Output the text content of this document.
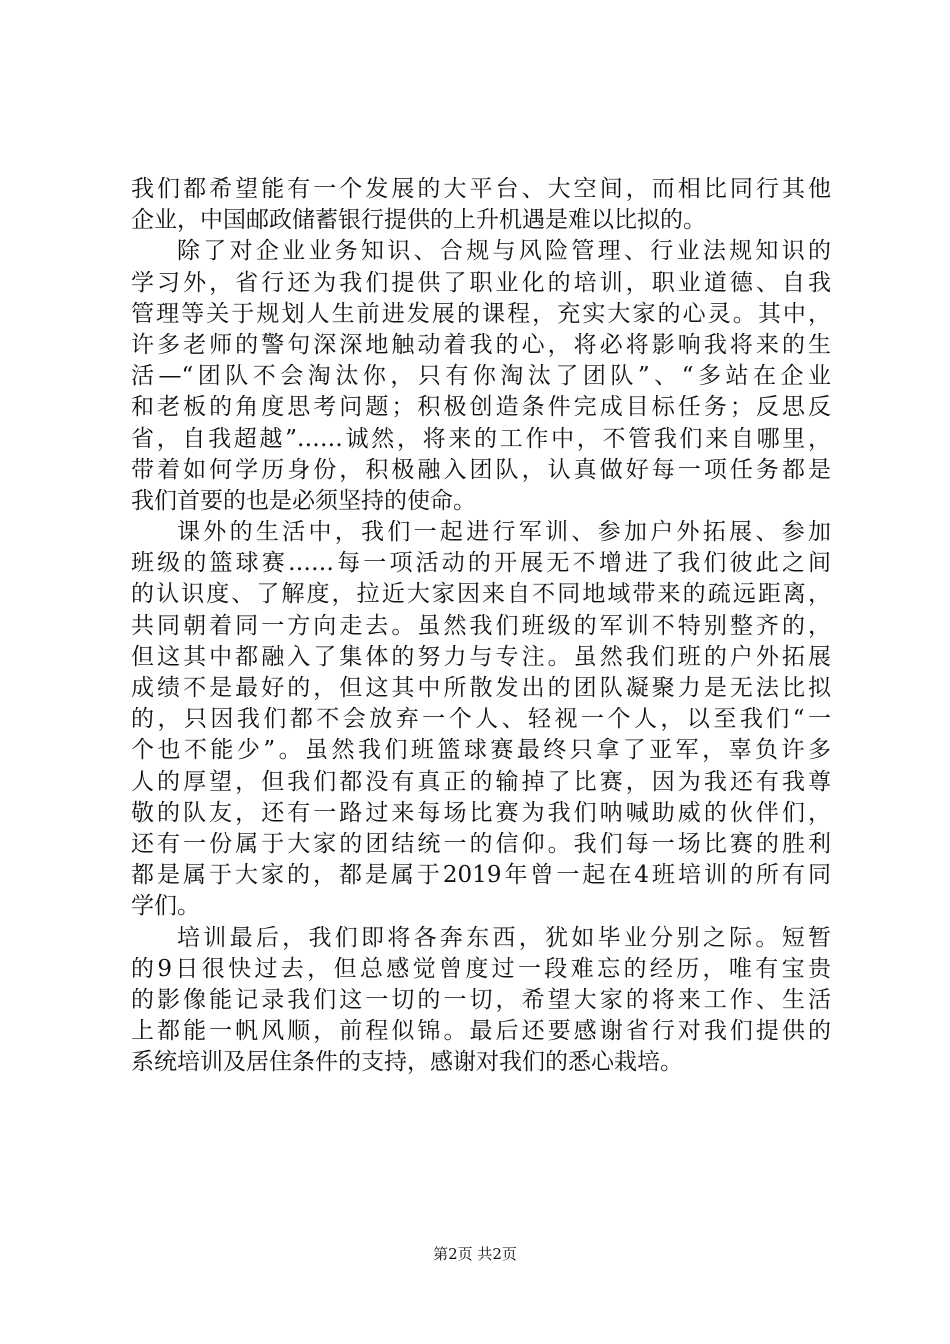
我们都希望能有一个发展的大平台、大空间，而相比同行其他
企业，中国邮政储蓄银行提供的上升机遇是难以比拟的。
除了对企业业务知识、合规与风险管理、行业法规知识的
学习外，省行还为我们提供了职业化的培训，职业道德、自我
管理等关于规划人生前进发展的课程，充实大家的心灵。其中，
许多老师的警句深深地触动着我的心，将必将影响我将来的生
活—“团队不会淘汰你，只有你淘汰了团队”、“多站在企业
和老板的角度思考问题；积极创造条件完成目标任务；反思反
省，自我超越”……诚然，将来的工作中，不管我们来自哪里，
带着如何学历身份，积极融入团队，认真做好每一项任务都是
我们首要的也是必须坚持的使命。
课外的生活中，我们一起进行军训、参加户外拓展、参加
班级的篮球赛……每一项活动的开展无不增进了我们彼此之间
的认识度、了解度，拉近大家因来自不同地域带来的疏远距离，
共同朝着同一方向走去。虽然我们班级的军训不特别整齐的，
但这其中都融入了集体的努力与专注。虽然我们班的户外拓展
成绩不是最好的，但这其中所散发出的团队凝聚力是无法比拟
的，只因我们都不会放弃一个人、轻视一个人，以至我们“一
个也不能少”。虽然我们班篮球赛最终只拿了亚军，辜负许多
人的厚望，但我们都没有真正的输掉了比赛，因为我还有我尊
敬的队友，还有一路过来每场比赛为我们呐喊助威的伙伴们，
还有一份属于大家的团结统一的信仰。我们每一场比赛的胜利
都是属于大家的，都是属于2019年曾一起在4班培训的所有同
学们。
培训最后，我们即将各奔东西，犹如毕业分别之际。短暂
的9日很快过去，但总感觉曾度过一段难忘的经历，唯有宝贵
的影像能记录我们这一切的一切，希望大家的将来工作、生活
上都能一帆风顺，前程似锦。最后还要感谢省行对我们提供的
系统培训及居住条件的支持，感谢对我们的悉心栽培。
第2页 共2页
